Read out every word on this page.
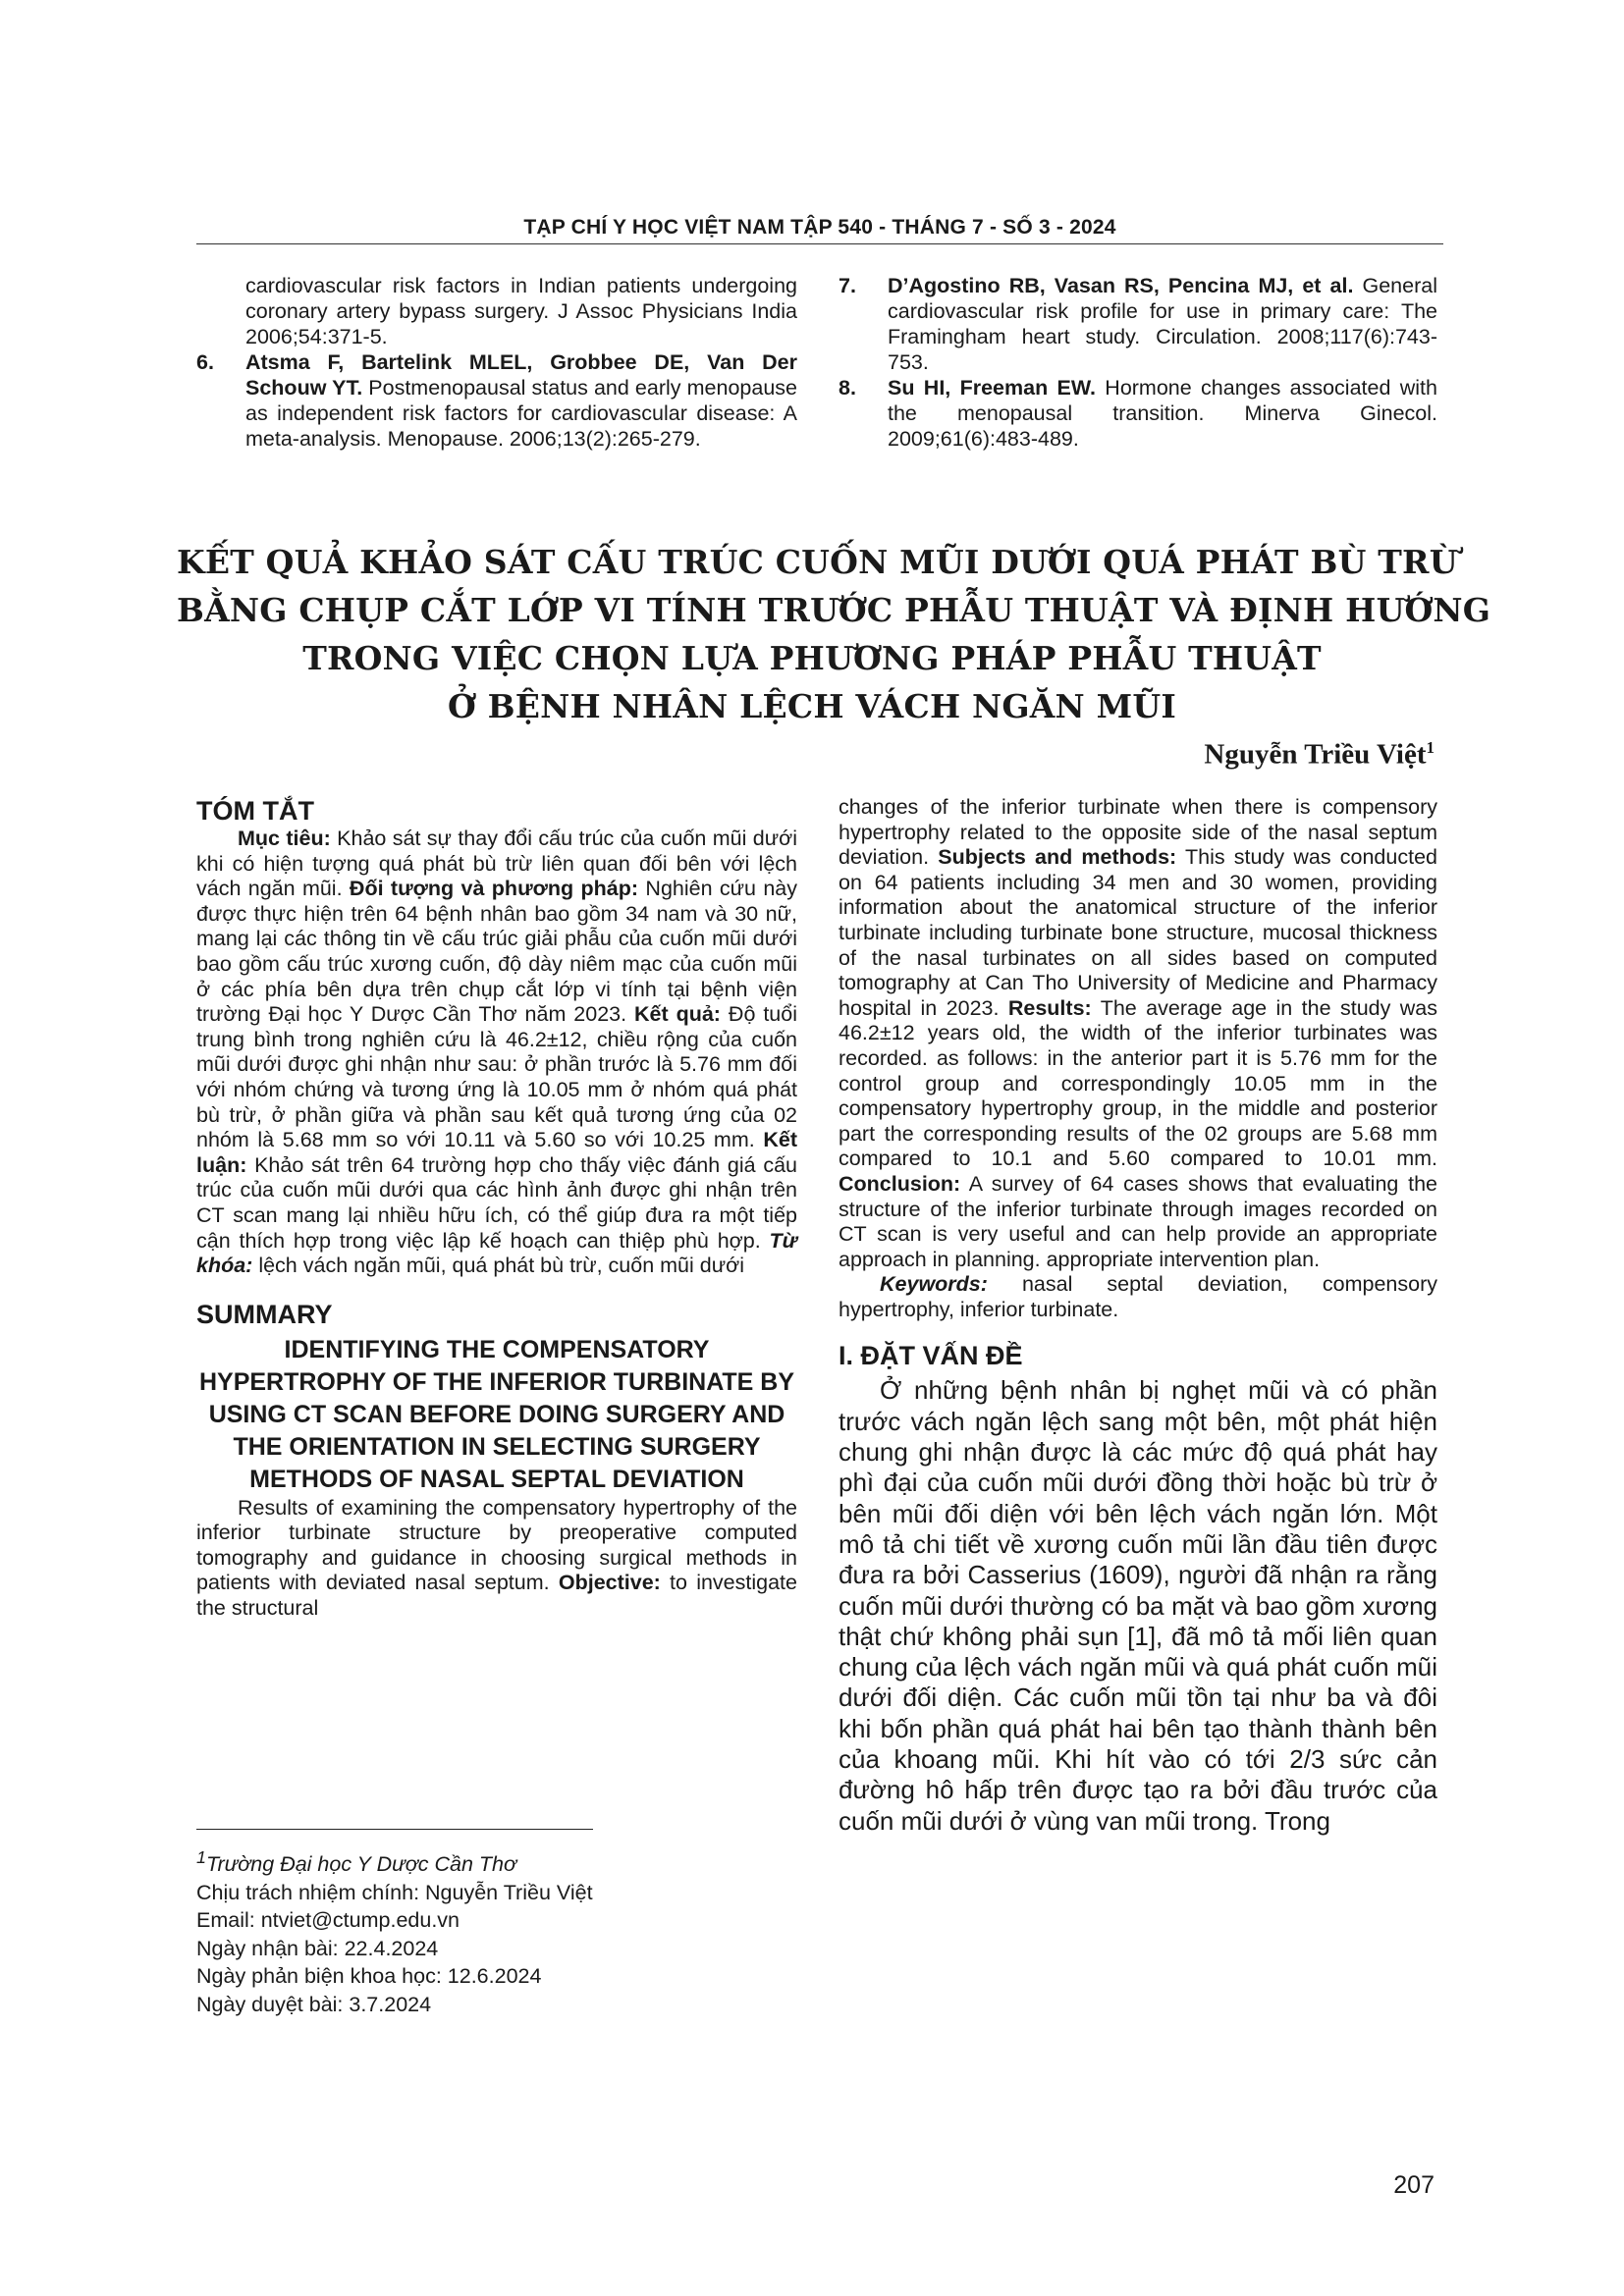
TẠP CHÍ Y HỌC VIỆT NAM TẬP 540 - THÁNG 7 - SỐ 3 - 2024

cardiovascular risk factors in Indian patients undergoing coronary artery bypass surgery. J Assoc Physicians India 2006;54:371-5.

6. Atsma F, Bartelink MLEL, Grobbee DE, Van Der Schouw YT. Postmenopausal status and early menopause as independent risk factors for cardiovascular disease: A meta-analysis. Menopause. 2006;13(2):265-279.

7. D’Agostino RB, Vasan RS, Pencina MJ, et al. General cardiovascular risk profile for use in primary care: The Framingham heart study. Circulation. 2008;117(6):743-753.

8. Su HI, Freeman EW. Hormone changes associated with the menopausal transition. Minerva Ginecol. 2009;61(6):483-489.

KẾT QUẢ KHẢO SÁT CẤU TRÚC CUỐN MŨI DƯỚI QUÁ PHÁT BÙ TRỪ
BẰNG CHỤP CẮT LỚP VI TÍNH TRƯỚC PHẪU THUẬT VÀ ĐỊNH HƯỚNG
TRONG VIỆC CHỌN LỰA PHƯƠNG PHÁP PHẪU THUẬT
Ở BỆNH NHÂN LỆCH VÁCH NGĂN MŨI
Nguyễn Triều Việt$^1$
TÓM TẮT
Mục tiêu: Khảo sát sự thay đổi cấu trúc của cuốn mũi dưới khi có hiện tượng quá phát bù trừ liên quan đối bên với lệch vách ngăn mũi. Đối tượng và phương pháp: Nghiên cứu này được thực hiện trên 64 bệnh nhân bao gồm 34 nam và 30 nữ, mang lại các thông tin về cấu trúc giải phẫu của cuốn mũi dưới bao gồm cấu trúc xương cuốn, độ dày niêm mạc của cuốn mũi ở các phía bên dựa trên chụp cắt lớp vi tính tại bệnh viện trường Đại học Y Dược Cần Thơ năm 2023. Kết quả: Độ tuổi trung bình trong nghiên cứu là 46.2±12, chiều rộng của cuốn mũi dưới được ghi nhận như sau: ở phần trước là 5.76 mm đối với nhóm chứng và tương ứng là 10.05 mm ở nhóm quá phát bù trừ, ở phần giữa và phần sau kết quả tương ứng của 02 nhóm là 5.68 mm so với 10.11 và 5.60 so với 10.25 mm. Kết luận: Khảo sát trên 64 trường hợp cho thấy việc đánh giá cấu trúc của cuốn mũi dưới qua các hình ảnh được ghi nhận trên CT scan mang lại nhiều hữu ích, có thể giúp đưa ra một tiếp cận thích hợp trong việc lập kế hoạch can thiệp phù hợp. Từ khóa: lệch vách ngăn mũi, quá phát bù trừ, cuốn mũi dưới
SUMMARY
IDENTIFYING THE COMPENSATORY HYPERTROPHY OF THE INFERIOR TURBINATE BY USING CT SCAN BEFORE DOING SURGERY AND THE ORIENTATION IN SELECTING SURGERY METHODS OF NASAL SEPTAL DEVIATION
Results of examining the compensatory hypertrophy of the inferior turbinate structure by preoperative computed tomography and guidance in choosing surgical methods in patients with deviated nasal septum. Objective: to investigate the structural
$^1$Trường Đại học Y Dược Cần Thơ
Chịu trách nhiệm chính: Nguyễn Triều Việt
Email: ntviet@ctump.edu.vn
Ngày nhận bài: 22.4.2024
Ngày phản biện khoa học: 12.6.2024
Ngày duyệt bài: 3.7.2024
changes of the inferior turbinate when there is compensory hypertrophy related to the opposite side of the nasal septum deviation. Subjects and methods: This study was conducted on 64 patients including 34 men and 30 women, providing information about the anatomical structure of the inferior turbinate including turbinate bone structure, mucosal thickness of the nasal turbinates on all sides based on computed tomography at Can Tho University of Medicine and Pharmacy hospital in 2023. Results: The average age in the study was 46.2±12 years old, the width of the inferior turbinates was recorded. as follows: in the anterior part it is 5.76 mm for the control group and correspondingly 10.05 mm in the compensatory hypertrophy group, in the middle and posterior part the corresponding results of the 02 groups are 5.68 mm compared to 10.1 and 5.60 compared to 10.01 mm. Conclusion: A survey of 64 cases shows that evaluating the structure of the inferior turbinate through images recorded on CT scan is very useful and can help provide an appropriate approach in planning. appropriate intervention plan.
Keywords: nasal septal deviation, compensory hypertrophy, inferior turbinate.
I. ĐẶT VẤN ĐỀ
Ở những bệnh nhân bị nghẹt mũi và có phần trước vách ngăn lệch sang một bên, một phát hiện chung ghi nhận được là các mức độ quá phát hay phì đại của cuốn mũi dưới đồng thời hoặc bù trừ ở bên mũi đối diện với bên lệch vách ngăn lớn. Một mô tả chi tiết về xương cuốn mũi lần đầu tiên được đưa ra bởi Casserius (1609), người đã nhận ra rằng cuốn mũi dưới thường có ba mặt và bao gồm xương thật chứ không phải sụn [1], đã mô tả mối liên quan chung của lệch vách ngăn mũi và quá phát cuốn mũi dưới đối diện. Các cuốn mũi tồn tại như ba và đôi khi bốn phần quá phát hai bên tạo thành thành bên của khoang mũi. Khi hít vào có tới 2/3 sức cản đường hô hấp trên được tạo ra bởi đầu trước của cuốn mũi dưới ở vùng van mũi trong. Trong
207
